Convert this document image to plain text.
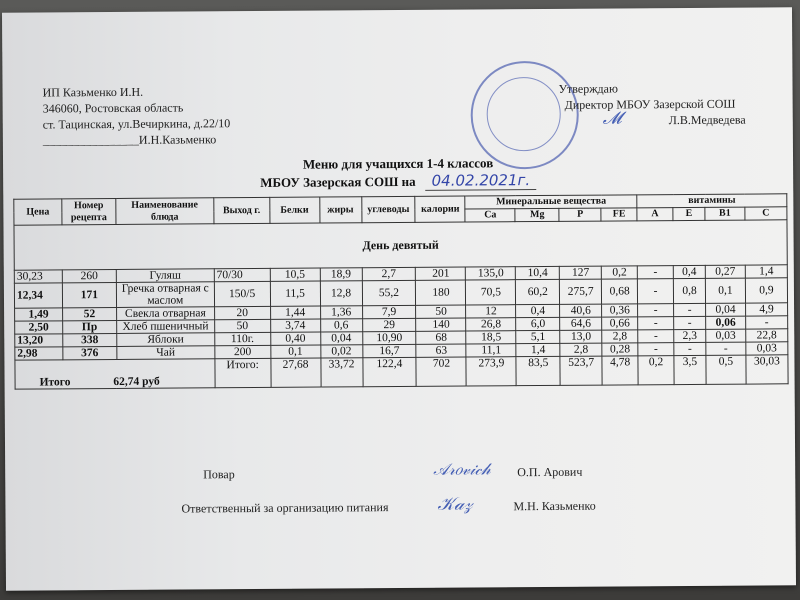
ИП Казьменко И.Н.
346060, Ростовская область
ст. Тацинская, ул.Вечиркина, д.22/10
________________И.Н.Казьменко
Утверждаю
Директор МБОУ Зазерской СОШ
Л.В.Медведева
𝓜
Меню для учащихся 1-4 классов
МБОУ Зазерская СОШ на 04.02.2021г.
Цена	Номер рецепта	Наименование блюда	Выход г.	Белки	жиры	углеводы	калории	Минеральные вещества				витамины			
								Ca	Mg	P	FE	A	E	B1	C
День девятый															
30,23	260	Гуляш	70/30	10,5	18,9	2,7	201	135,0	10,4	127	0,2	-	0,4	0,27	1,4
12,34	171	Гречка отварная с маслом	150/5	11,5	12,8	55,2	180	70,5	60,2	275,7	0,68	-	0,8	0,1	0,9
1,49	52	Свекла отварная	20	1,44	1,36	7,9	50	12	0,4	40,6	0,36	-	-	0,04	4,9
2,50	Пр	Хлеб пшеничный	50	3,74	0,6	29	140	26,8	6,0	64,6	0,66	-	-	0,06	-
13,20	338	Яблоки	110г.	0,40	0,04	10,90	68	18,5	5,1	13,0	2,8	-	2,3	0,03	22,8
2,98	376	Чай	200	0,1	0,02	16,7	63	11,1	1,4	2,8	0,28	-	-	-	0,03
Итого 62,74 руб			Итого:	27,68	33,72	122,4	702	273,9	83,5	523,7	4,78	0,2	3,5	0,5	30,03
Повар	𝒜𝓇𝑜𝓋𝒾𝒸𝒽 О.П. Арович
Ответственный за организацию питания	𝒦𝒶𝓏	М.Н. Казьменко
